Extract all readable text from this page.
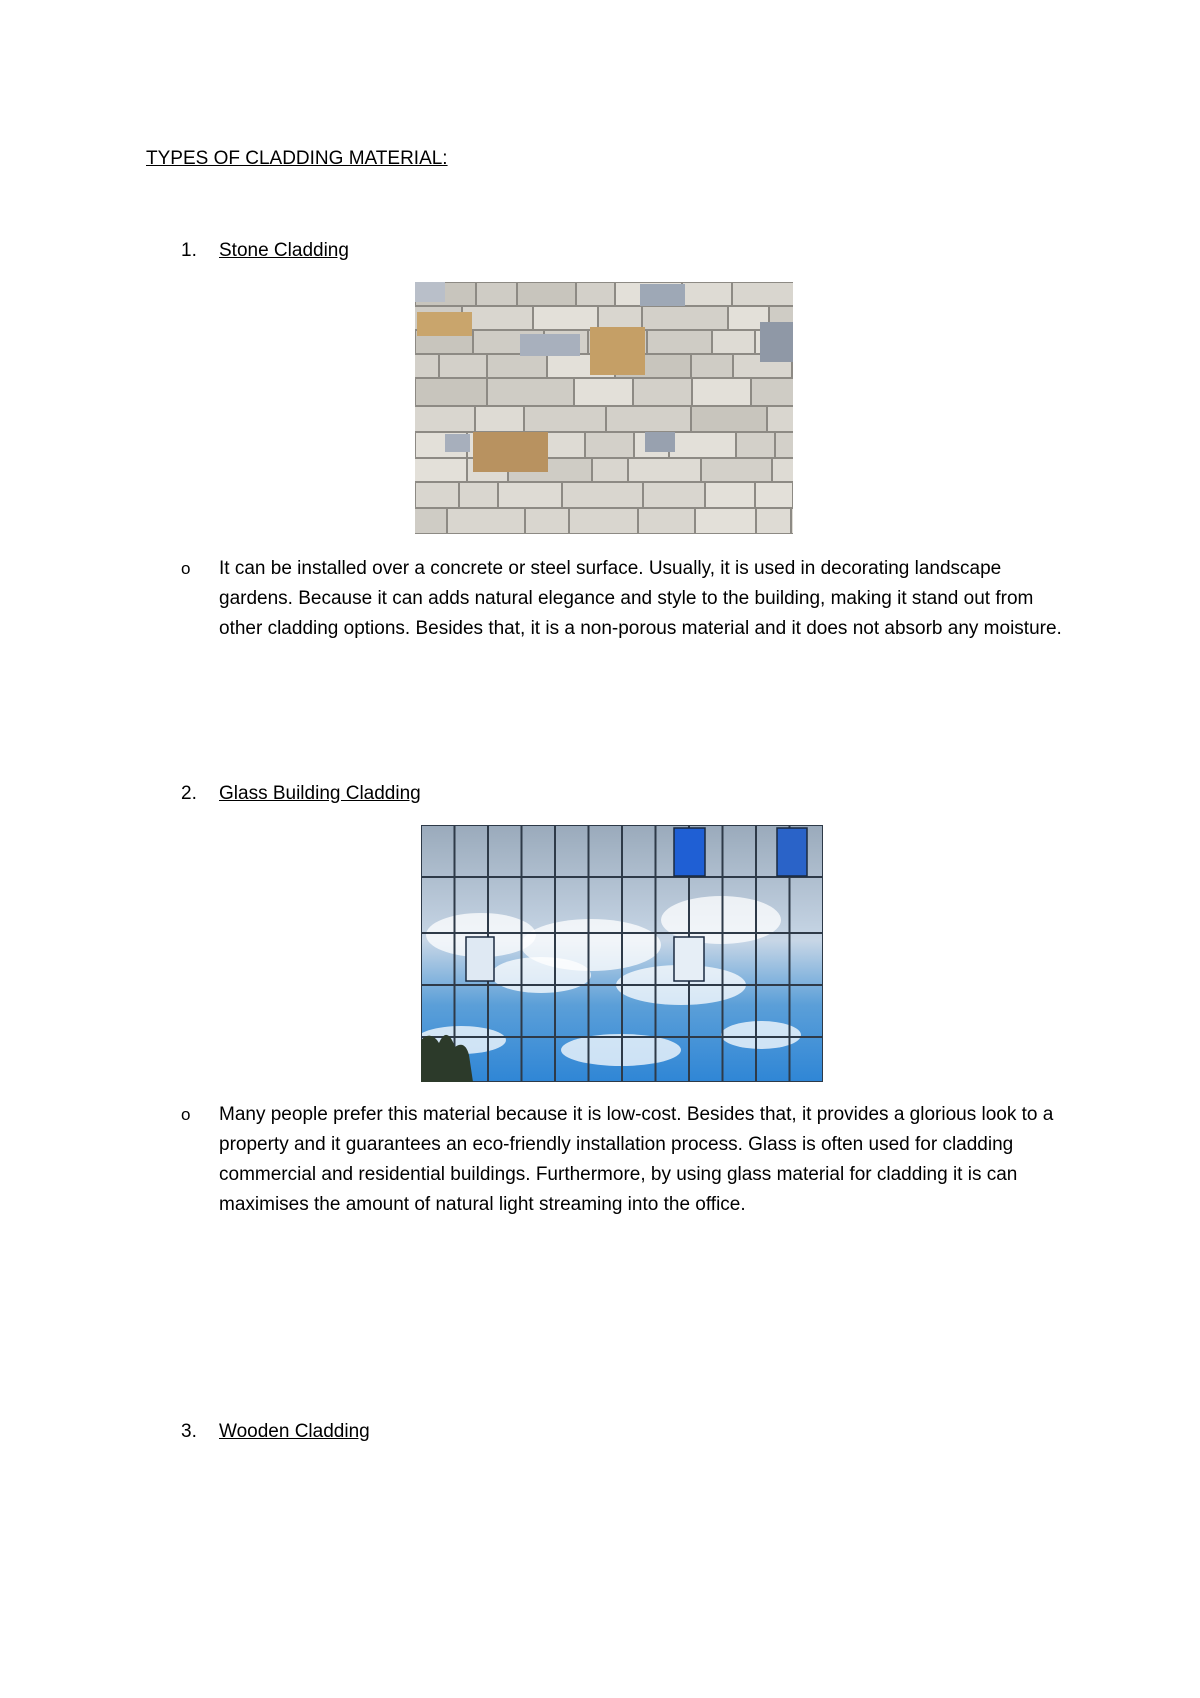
TYPES OF CLADDING MATERIAL:
1.	Stone Cladding
o It can be installed over a concrete or steel surface. Usually, it is used in decorating landscape gardens. Because it can adds natural elegance and style to the building, making it stand out from other cladding options. Besides that, it is a non-porous material and it does not absorb any moisture.
2.	Glass Building Cladding
o Many people prefer this material because it is low-cost. Besides that, it provides a glorious look to a property and it guarantees an eco-friendly installation process. Glass is often used for cladding commercial and residential buildings. Furthermore, by using glass material for cladding it is can maximises the amount of natural light streaming into the office.
3.	Wooden Cladding
